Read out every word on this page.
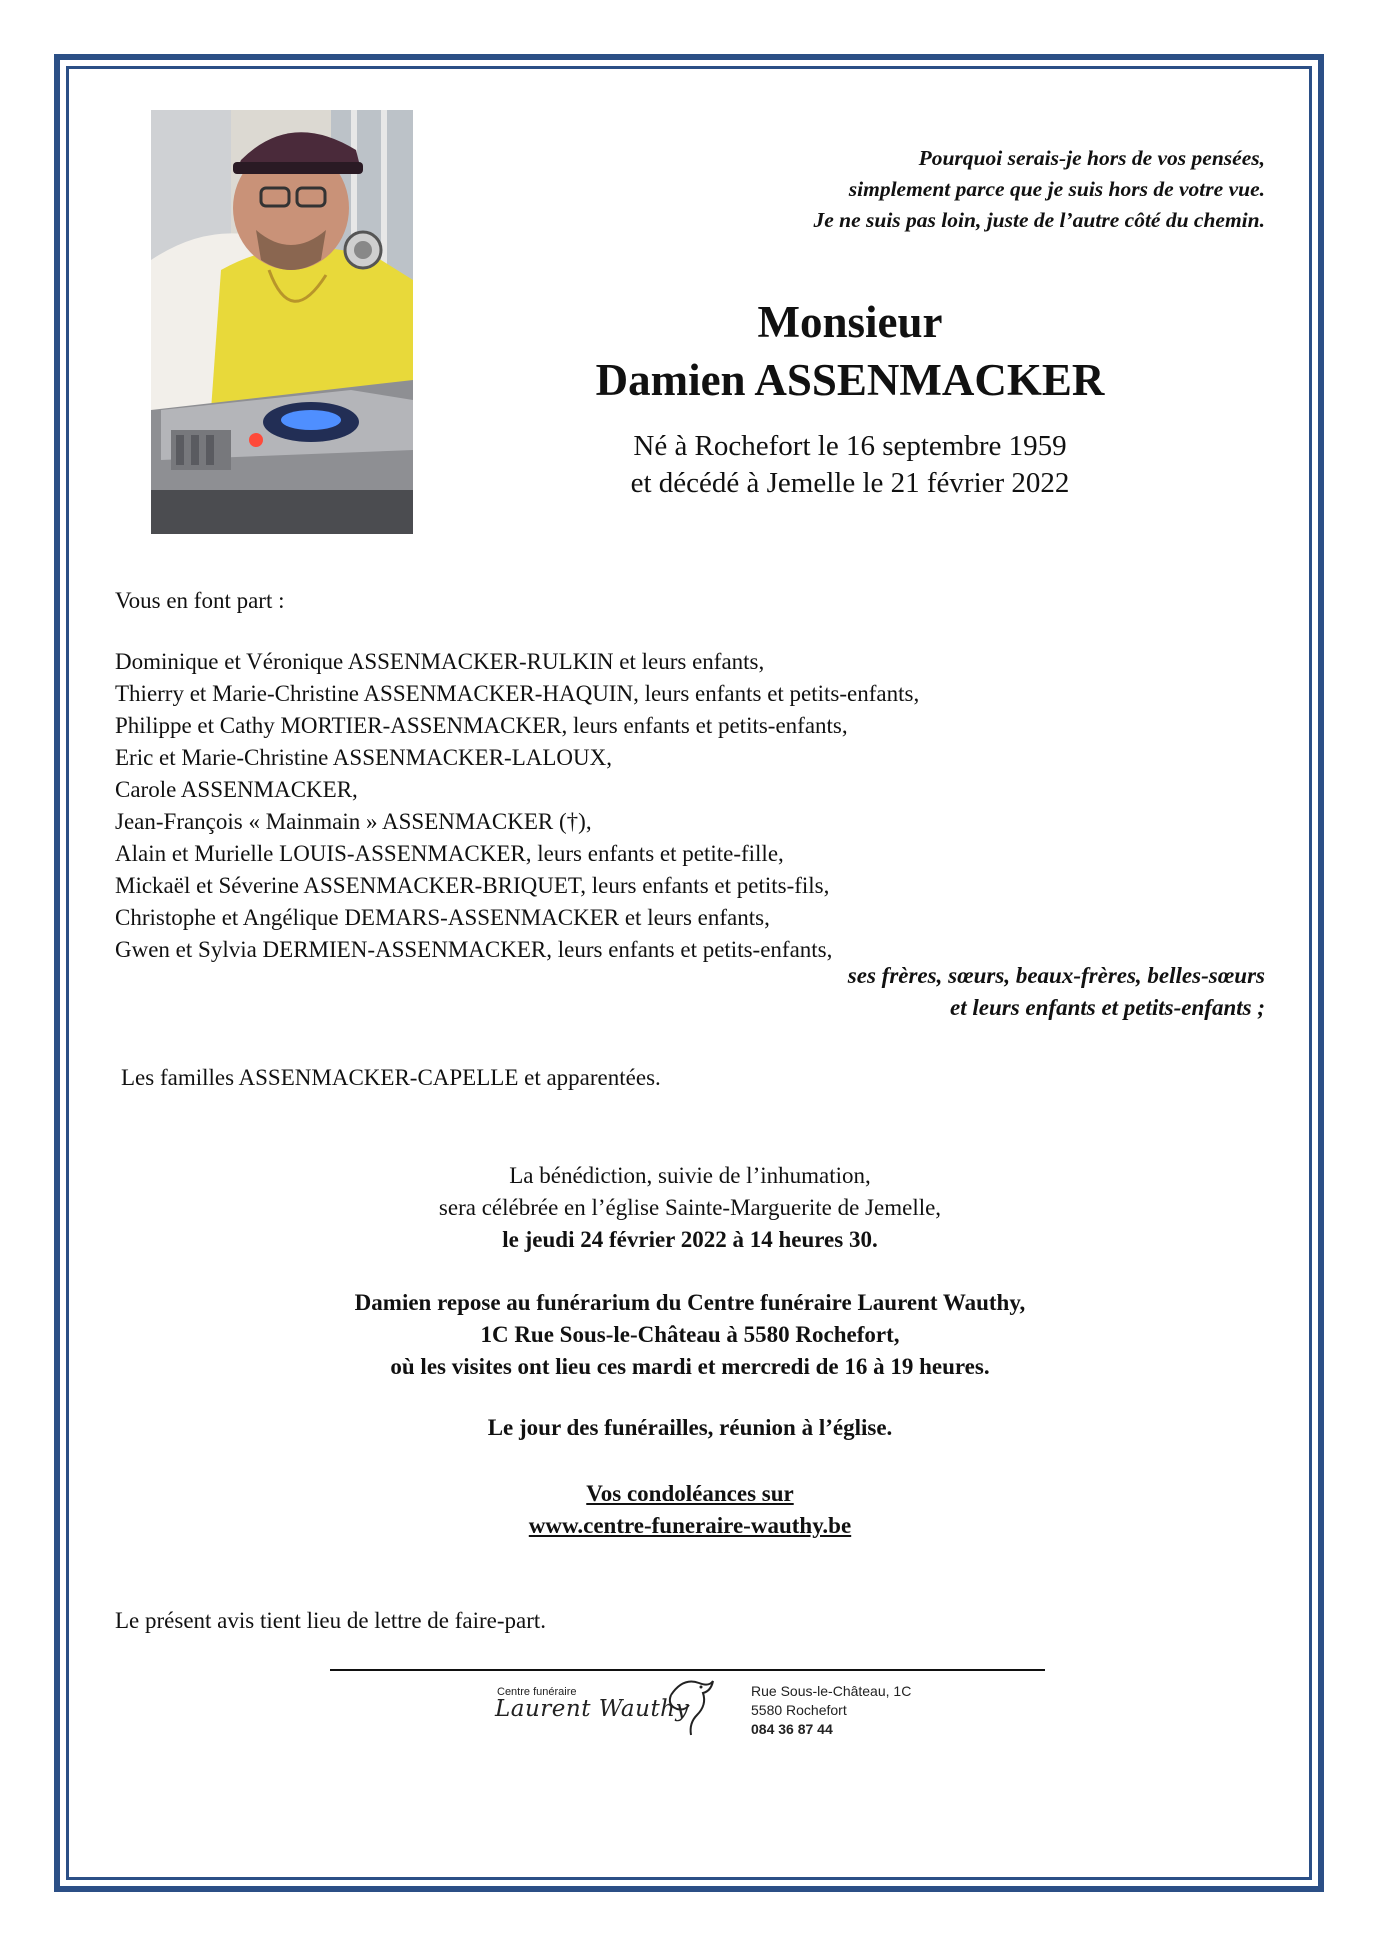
Pourquoi serais-je hors de vos pensées,
simplement parce que je suis hors de votre vue.
Je ne suis pas loin, juste de l’autre côté du chemin.
Monsieur
Damien ASSENMACKER
Né à Rochefort le 16 septembre 1959
et décédé à Jemelle le 21 février 2022
Vous en font part :
Dominique et Véronique ASSENMACKER-RULKIN et leurs enfants,
Thierry et Marie-Christine ASSENMACKER-HAQUIN, leurs enfants et petits-enfants,
Philippe et Cathy MORTIER-ASSENMACKER, leurs enfants et petits-enfants,
Eric et Marie-Christine ASSENMACKER-LALOUX,
Carole ASSENMACKER,
Jean-François « Mainmain » ASSENMACKER (†),
Alain et Murielle LOUIS-ASSENMACKER, leurs enfants et petite-fille,
Mickaël et Séverine ASSENMACKER-BRIQUET, leurs enfants et petits-fils,
Christophe et Angélique DEMARS-ASSENMACKER et leurs enfants,
Gwen et Sylvia DERMIEN-ASSENMACKER, leurs enfants et petits-enfants,
ses frères, sœurs, beaux-frères, belles-sœurs
et leurs enfants et petits-enfants ;
Les familles ASSENMACKER-CAPELLE et apparentées.
La bénédiction, suivie de l’inhumation,
sera célébrée en l’église Sainte-Marguerite de Jemelle,
le jeudi 24 février 2022 à 14 heures 30.
Damien repose au funérarium du Centre funéraire Laurent Wauthy,
1C Rue Sous-le-Château à 5580 Rochefort,
où les visites ont lieu ces mardi et mercredi de 16 à 19 heures.
Le jour des funérailles, réunion à l’église.
Vos condoléances sur
www.centre-funeraire-wauthy.be
Le présent avis tient lieu de lettre de faire-part.
Centre funéraire
Laurent Wauthy
Rue Sous-le-Château, 1C
5580 Rochefort
084 36 87 44
